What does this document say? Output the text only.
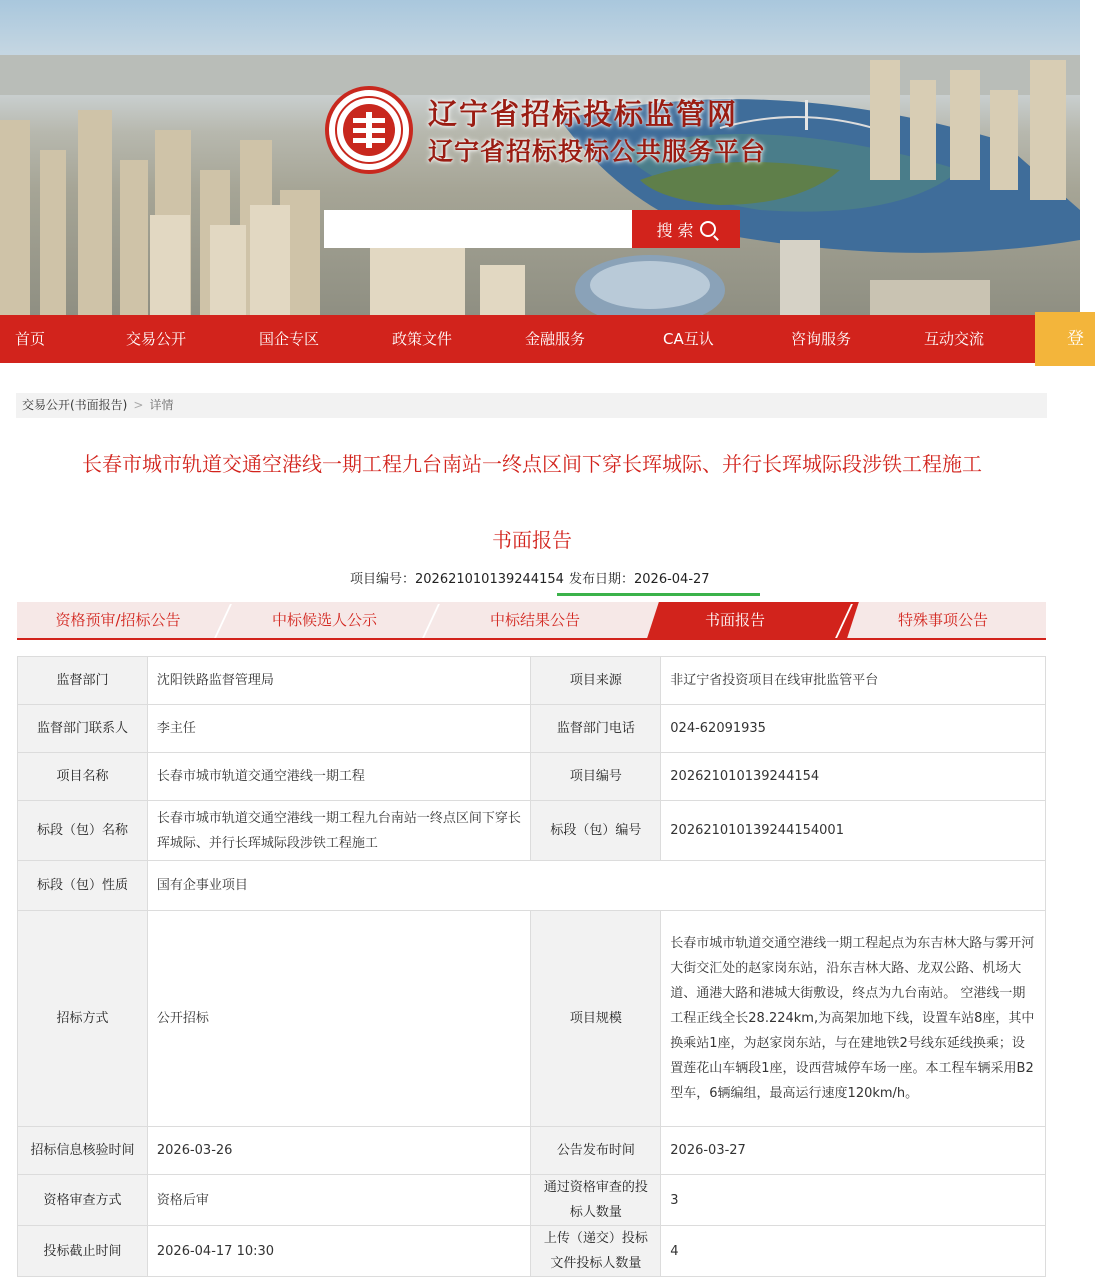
辽宁省招标投标监管网
辽宁省招标投标公共服务平台
搜 索
首页	交易公开	国企专区	政策文件	金融服务	CA互认	咨询服务	互动交流	登
交易公开(书面报告) > 详情
长春市城市轨道交通空港线一期工程九台南站一终点区间下穿长珲城际、并行长珲城际段涉铁工程施工
书面报告
项目编号：202621010139244154 发布日期：2026-04-27
资格预审/招标公告	中标候选人公示	中标结果公告	书面报告	特殊事项公告
监督部门	沈阳铁路监督管理局	项目来源	非辽宁省投资项目在线审批监管平台
监督部门联系人	李主任	监督部门电话	024-62091935
项目名称	长春市城市轨道交通空港线一期工程	项目编号	202621010139244154
标段（包）名称	长春市城市轨道交通空港线一期工程九台南站一终点区间下穿长珲城际、并行长珲城际段涉铁工程施工	标段（包）编号	202621010139244154001
标段（包）性质	国有企事业项目		
招标方式	公开招标	项目规模	长春市城市轨道交通空港线一期工程起点为东吉林大路与雾开河大街交汇处的赵家岗东站，沿东吉林大路、龙双公路、机场大道、通港大路和港城大街敷设，终点为九台南站。 空港线一期工程正线全长28.224km,为高架加地下线，设置车站8座，其中换乘站1座，为赵家岗东站，与在建地铁2号线东延线换乘；设置莲花山车辆段1座，设西营城停车场一座。本工程车辆采用B2型车，6辆编组，最高运行速度120km/h。
招标信息核验时间	2026-03-26	公告发布时间	2026-03-27
资格审查方式	资格后审	通过资格审查的投标人数量	3
投标截止时间	2026-04-17 10:30	上传（递交）投标文件投标人数量	4
